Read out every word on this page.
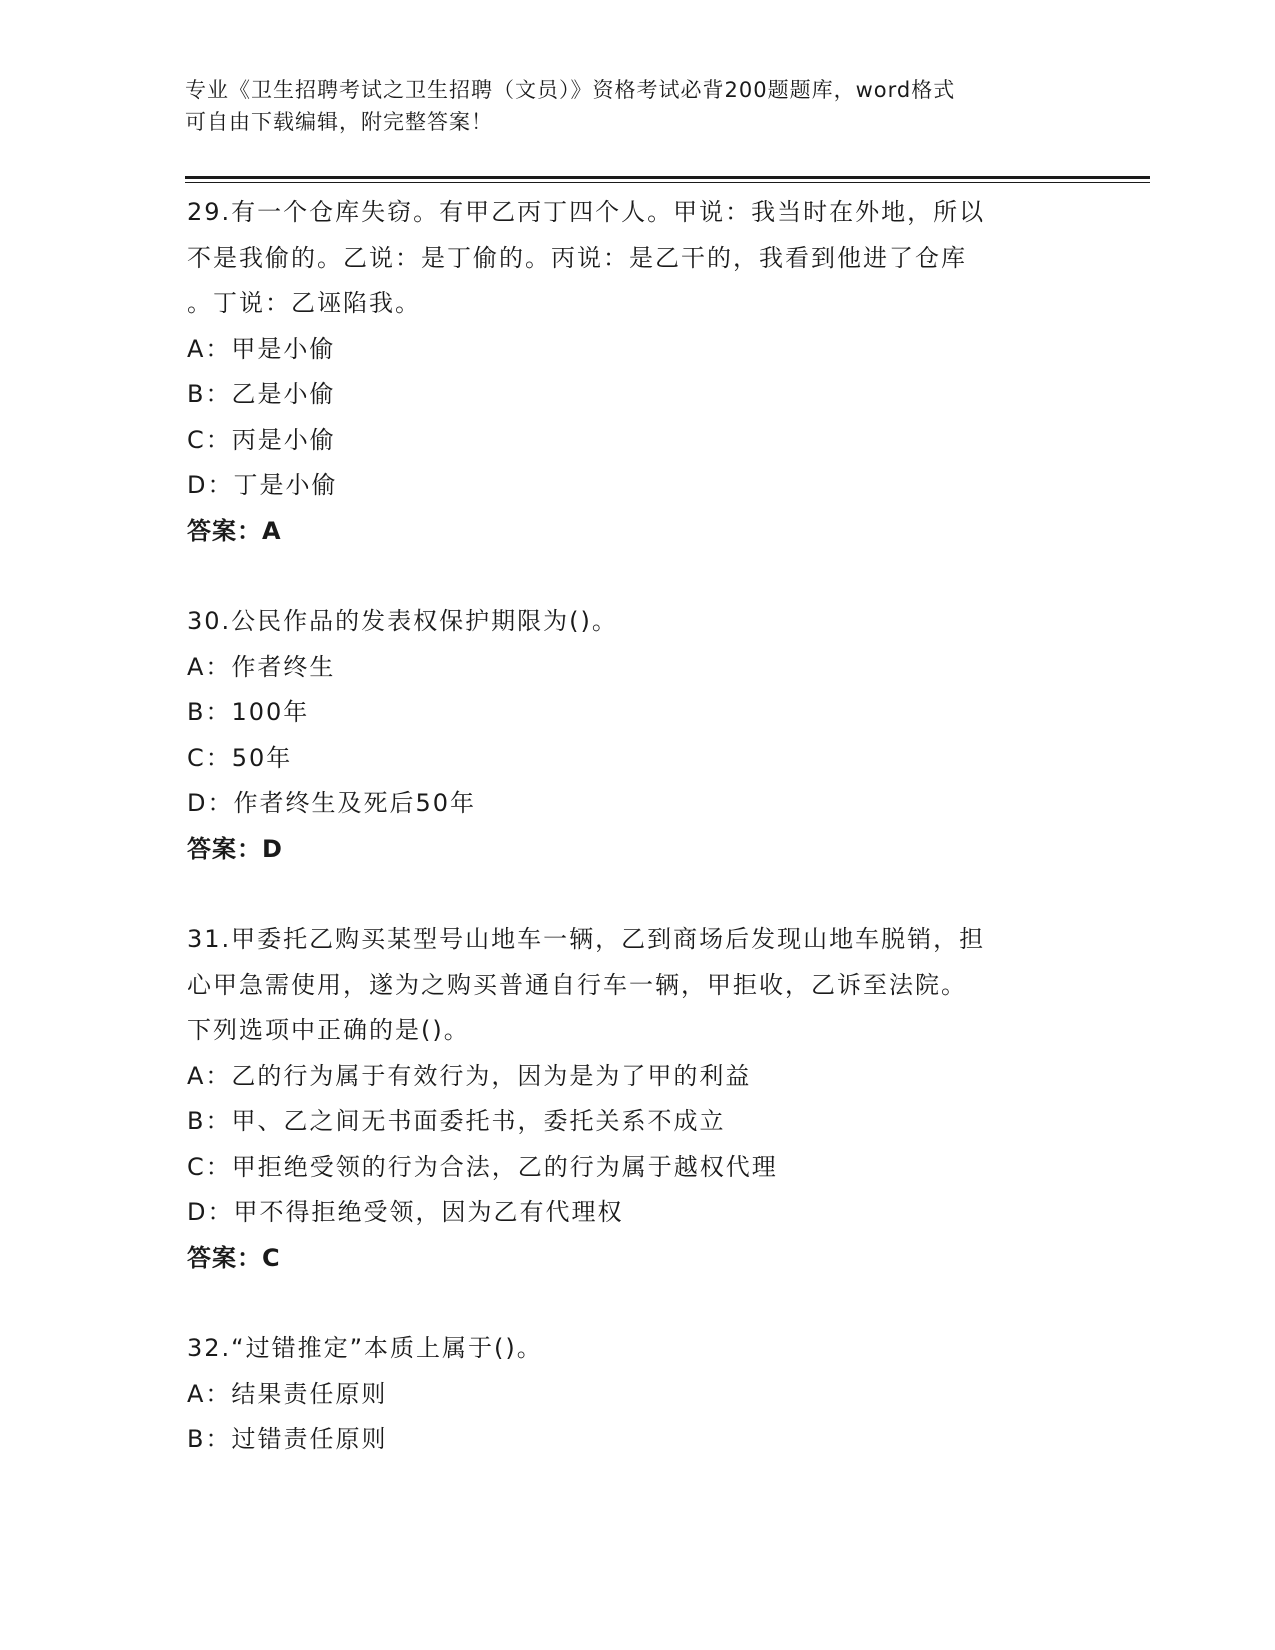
专业《卫生招聘考试之卫生招聘（文员）》资格考试必背200题题库，word格式
可自由下载编辑，附完整答案！
29.有一个仓库失窃。有甲乙丙丁四个人。甲说：我当时在外地，所以
不是我偷的。乙说：是丁偷的。丙说：是乙干的，我看到他进了仓库
。丁说：乙诬陷我。
A：甲是小偷
B：乙是小偷
C：丙是小偷
D：丁是小偷
答案：A
30.公民作品的发表权保护期限为()。
A：作者终生
B：100年
C：50年
D：作者终生及死后50年
答案：D
31.甲委托乙购买某型号山地车一辆，乙到商场后发现山地车脱销，担
心甲急需使用，遂为之购买普通自行车一辆，甲拒收，乙诉至法院。
下列选项中正确的是()。
A：乙的行为属于有效行为，因为是为了甲的利益
B：甲、乙之间无书面委托书，委托关系不成立
C：甲拒绝受领的行为合法，乙的行为属于越权代理
D：甲不得拒绝受领，因为乙有代理权
答案：C
32.“过错推定”本质上属于()。
A：结果责任原则
B：过错责任原则
